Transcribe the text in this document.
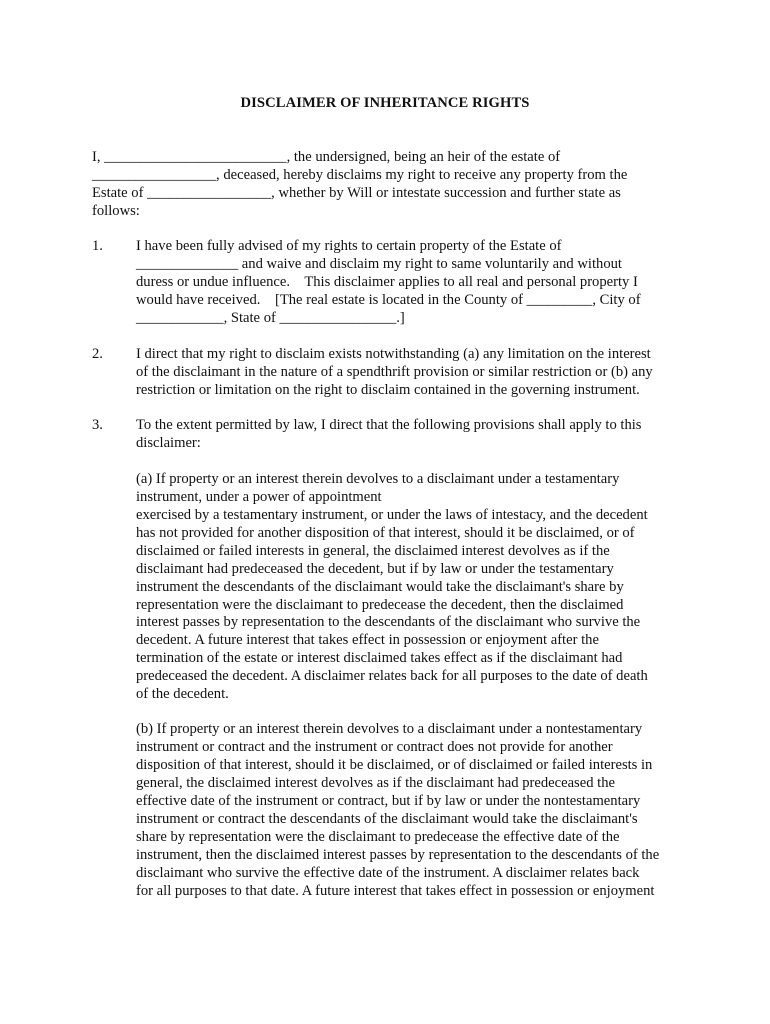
DISCLAIMER OF INHERITANCE RIGHTS
I, _________________________, the undersigned, being an heir of the estate of
_________________, deceased, hereby disclaims my right to receive any property from the
Estate of _________________, whether by Will or intestate succession and further state as
follows:
1. I have been fully advised of my rights to certain property of the Estate of
______________ and waive and disclaim my right to same voluntarily and without
duress or undue influence.    This disclaimer applies to all real and personal property I
would have received.    [The real estate is located in the County of _________, City of
____________, State of ________________.]
2. I direct that my right to disclaim exists notwithstanding (a) any limitation on the interest
of the disclaimant in the nature of a spendthrift provision or similar restriction or (b) any
restriction or limitation on the right to disclaim contained in the governing instrument.
3. To the extent permitted by law, I direct that the following provisions shall apply to this
disclaimer:
(a) If property or an interest therein devolves to a disclaimant under a testamentary
instrument, under a power of appointment
exercised by a testamentary instrument, or under the laws of intestacy, and the decedent
has not provided for another disposition of that interest, should it be disclaimed, or of
disclaimed or failed interests in general, the disclaimed interest devolves as if the
disclaimant had predeceased the decedent, but if by law or under the testamentary
instrument the descendants of the disclaimant would take the disclaimant's share by
representation were the disclaimant to predecease the decedent, then the disclaimed
interest passes by representation to the descendants of the disclaimant who survive the
decedent. A future interest that takes effect in possession or enjoyment after the
termination of the estate or interest disclaimed takes effect as if the disclaimant had
predeceased the decedent. A disclaimer relates back for all purposes to the date of death
of the decedent.
(b) If property or an interest therein devolves to a disclaimant under a nontestamentary
instrument or contract and the instrument or contract does not provide for another
disposition of that interest, should it be disclaimed, or of disclaimed or failed interests in
general, the disclaimed interest devolves as if the disclaimant had predeceased the
effective date of the instrument or contract, but if by law or under the nontestamentary
instrument or contract the descendants of the disclaimant would take the disclaimant's
share by representation were the disclaimant to predecease the effective date of the
instrument, then the disclaimed interest passes by representation to the descendants of the
disclaimant who survive the effective date of the instrument. A disclaimer relates back
for all purposes to that date. A future interest that takes effect in possession or enjoyment
